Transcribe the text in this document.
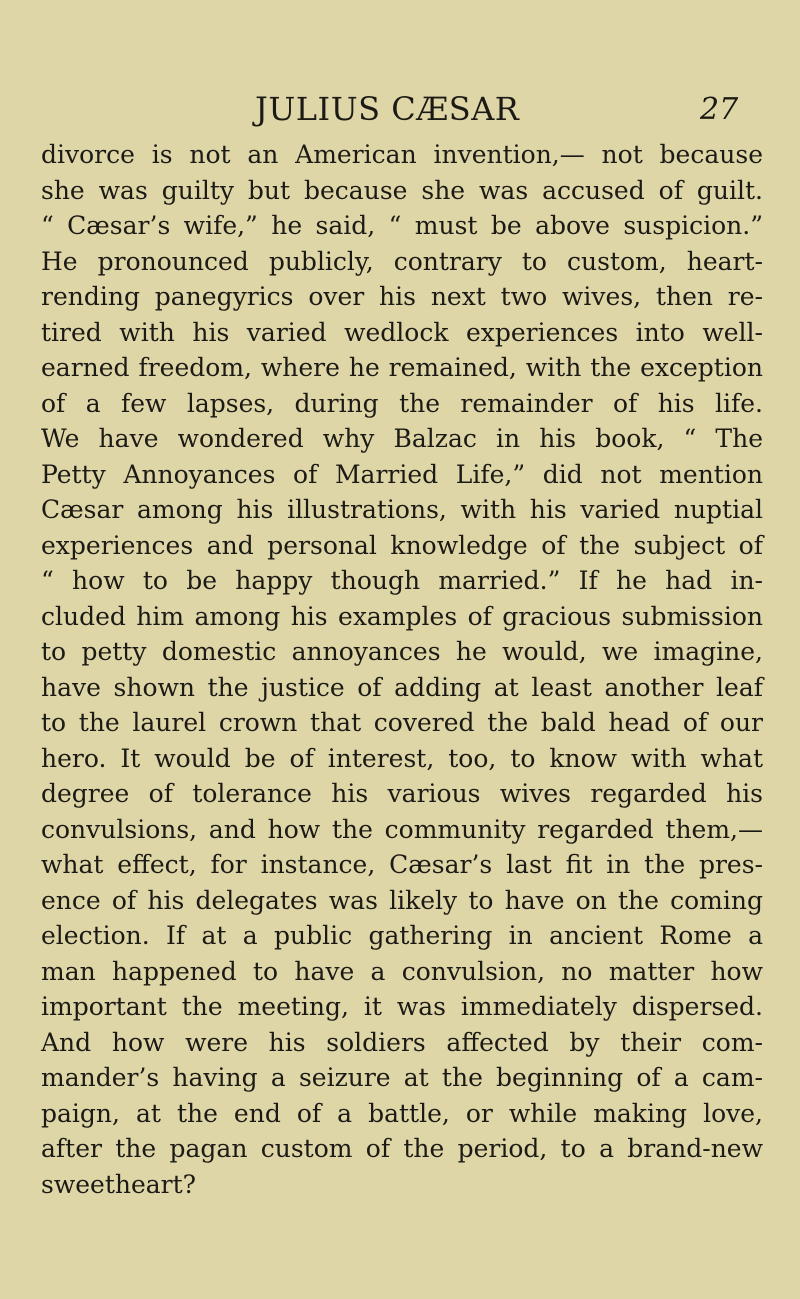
JULIUS CÆSAR	27
divorce is not an American invention,— not because
she was guilty but because she was accused of guilt.
“ Cæsar’s wife,” he said, “ must be above suspicion.”
He pronounced publicly, contrary to custom, heart-
rending panegyrics over his next two wives, then re-
tired with his varied wedlock experiences into well-
earned freedom, where he remained, with the exception
of a few lapses, during the remainder of his life.
We have wondered why Balzac in his book, “ The
Petty Annoyances of Married Life,” did not mention
Cæsar among his illustrations, with his varied nuptial
experiences and personal knowledge of the subject of
“ how to be happy though married.” If he had in-
cluded him among his examples of gracious submission
to petty domestic annoyances he would, we imagine,
have shown the justice of adding at least another leaf
to the laurel crown that covered the bald head of our
hero. It would be of interest, too, to know with what
degree of tolerance his various wives regarded his
convulsions, and how the community regarded them,—
what effect, for instance, Cæsar’s last fit in the pres-
ence of his delegates was likely to have on the coming
election. If at a public gathering in ancient Rome a
man happened to have a convulsion, no matter how
important the meeting, it was immediately dispersed.
And how were his soldiers affected by their com-
mander’s having a seizure at the beginning of a cam-
paign, at the end of a battle, or while making love,
after the pagan custom of the period, to a brand-new
sweetheart?
